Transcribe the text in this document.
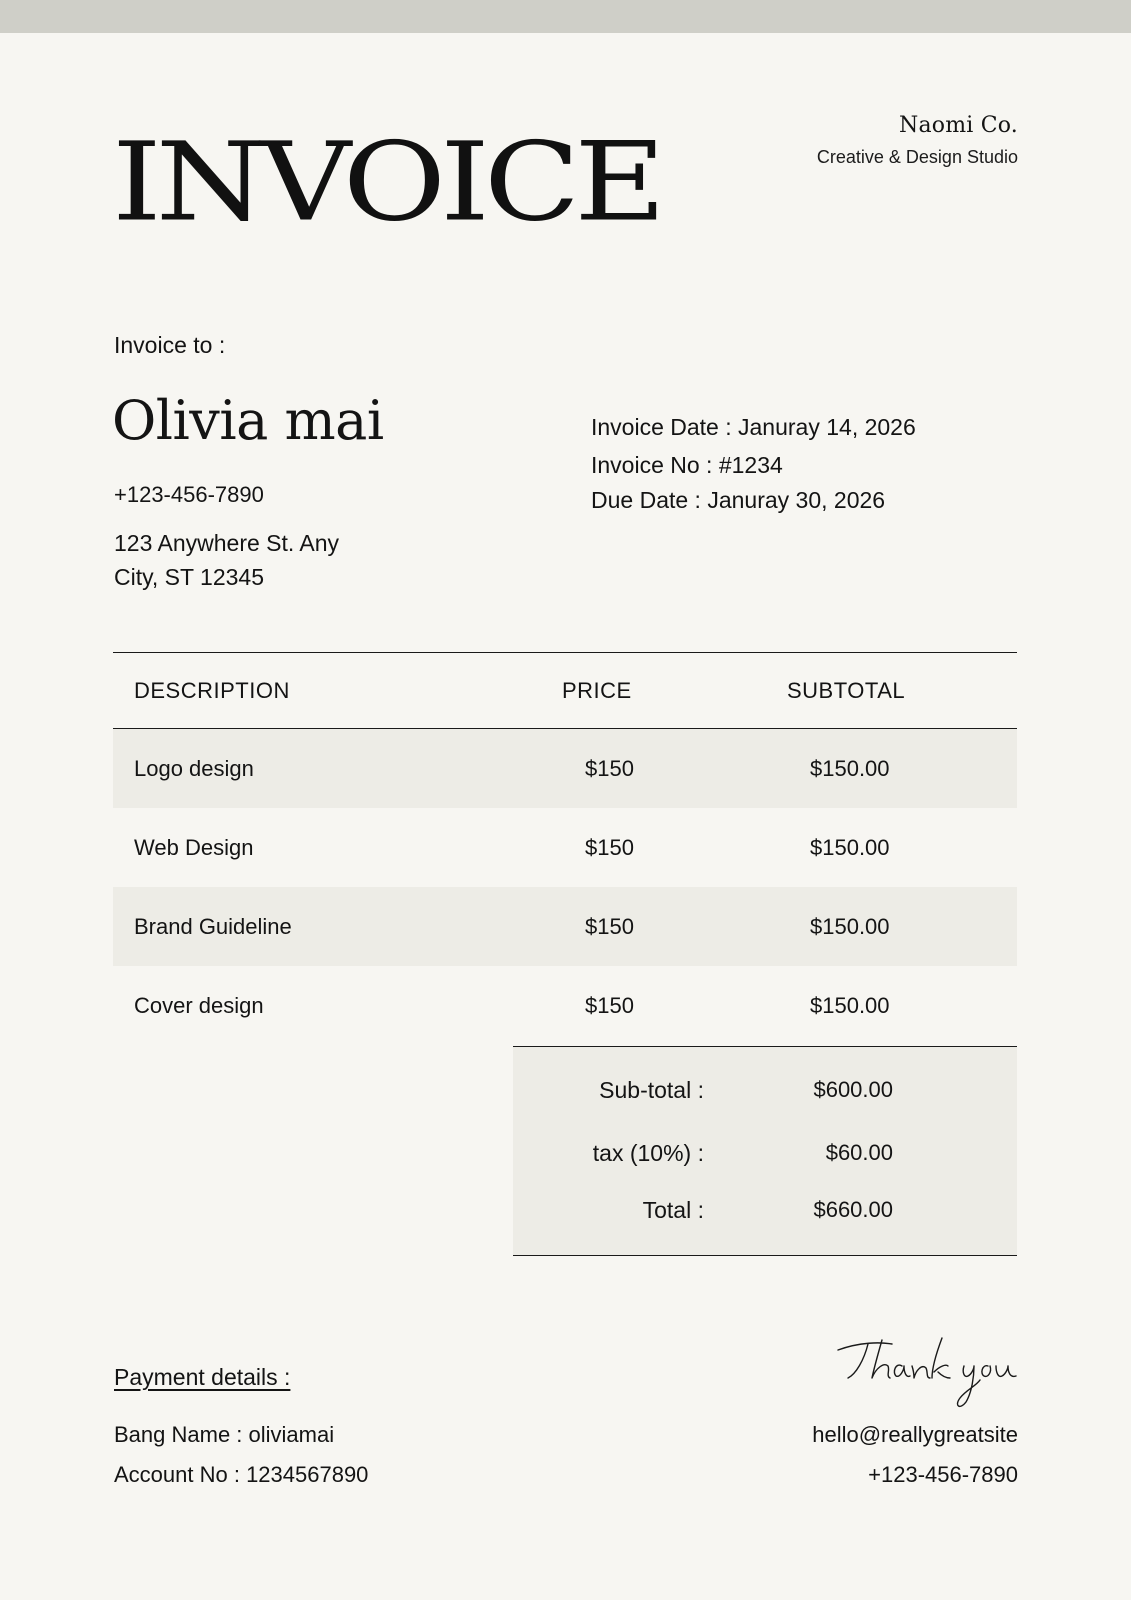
Naomi Co.
Creative & Design Studio
INVOICE
Invoice to :
Olivia mai
+123-456-7890
123 Anywhere St. Any
City, ST 12345
Invoice Date : Januray 14, 2026
Invoice No : #1234
Due Date : Januray 30, 2026
DESCRIPTION	PRICE	SUBTOTAL
Logo design	$150	$150.00
Web Design	$150	$150.00
Brand Guideline	$150	$150.00
Cover design	$150	$150.00
Sub-total :	$600.00
tax (10%) :	$60.00
Total :	$660.00
Payment details :
Bang Name : oliviamai
Account No : 1234567890
Thank you
hello@reallygreatsite
+123-456-7890
